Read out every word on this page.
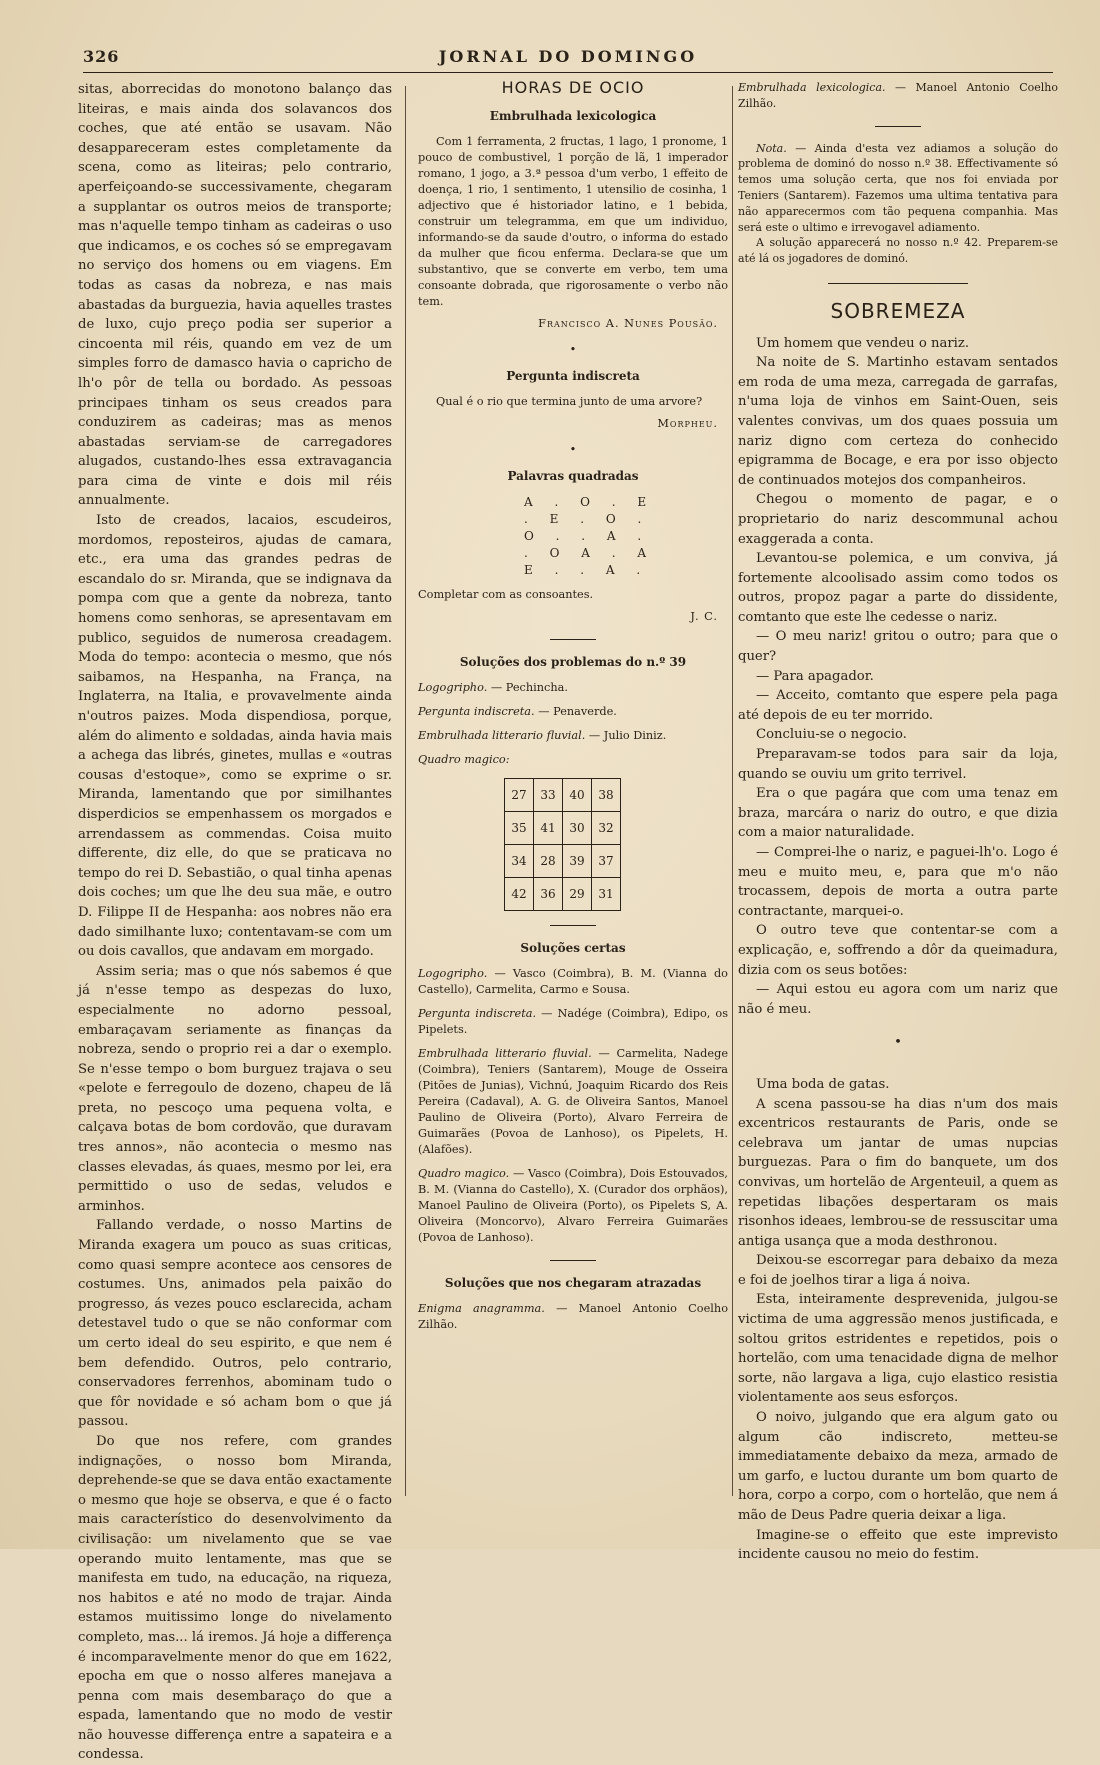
326	JORNAL DO DOMINGO

sitas, aborrecidas do monotono balanço das liteiras, e mais ainda dos solavancos dos coches, que até então se usavam. Não desappareceram estes completamente da scena, como as liteiras; pelo contrario, aperfeiçoando-se successivamente, chegaram a supplantar os outros meios de transporte; mas n'aquelle tempo tinham as cadeiras o uso que indicamos, e os coches só se empregavam no serviço dos homens ou em viagens. Em todas as casas da nobreza, e nas mais abastadas da burguezia, havia aquelles trastes de luxo, cujo preço podia ser superior a cincoenta mil réis, quando em vez de um simples forro de damasco havia o capricho de lh'o pôr de tella ou bordado. As pessoas principaes tinham os seus creados para conduzirem as cadeiras; mas as menos abastadas serviam-se de carregadores alugados, custando-lhes essa extravagancia para cima de vinte e dois mil réis annualmente.

Isto de creados, lacaios, escudeiros, mordomos, reposteiros, ajudas de camara, etc., era uma das grandes pedras de escandalo do sr. Miranda, que se indignava da pompa com que a gente da nobreza, tanto homens como senhoras, se apresentavam em publico, seguidos de numerosa creadagem. Moda do tempo: acontecia o mesmo, que nós saibamos, na Hespanha, na França, na Inglaterra, na Italia, e provavelmente ainda n'outros paizes. Moda dispendiosa, porque, além do alimento e soldadas, ainda havia mais a achega das librés, ginetes, mullas e «outras cousas d'estoque», como se exprime o sr. Miranda, lamentando que por similhantes disperdicios se empenhassem os morgados e arrendassem as commendas. Coisa muito differente, diz elle, do que se praticava no tempo do rei D. Sebastião, o qual tinha apenas dois coches; um que lhe deu sua mãe, e outro D. Filippe II de Hespanha: aos nobres não era dado similhante luxo; contentavam-se com um ou dois cavallos, que andavam em morgado.

Assim seria; mas o que nós sabemos é que já n'esse tempo as despezas do luxo, especialmente no adorno pessoal, embaraçavam seriamente as finanças da nobreza, sendo o proprio rei a dar o exemplo. Se n'esse tempo o bom burguez trajava o seu «pelote e ferregoulo de dozeno, chapeu de lã preta, no pescoço uma pequena volta, e calçava botas de bom cordovão, que duravam tres annos», não acontecia o mesmo nas classes elevadas, ás quaes, mesmo por lei, era permittido o uso de sedas, veludos e arminhos.

Fallando verdade, o nosso Martins de Miranda exagera um pouco as suas criticas, como quasi sempre acontece aos censores de costumes. Uns, animados pela paixão do progresso, ás vezes pouco esclarecida, acham detestavel tudo o que se não conformar com um certo ideal do seu espirito, e que nem é bem defendido. Outros, pelo contrario, conservadores ferrenhos, abominam tudo o que fôr novidade e só acham bom o que já passou.

Do que nos refere, com grandes indignações, o nosso bom Miranda, deprehende-se que se dava então exactamente o mesmo que hoje se observa, e que é o facto mais característico do desenvolvimento da civilisação: um nivelamento que se vae operando muito lentamente, mas que se manifesta em tudo, na educação, na riqueza, nos habitos e até no modo de trajar. Ainda estamos muitissimo longe do nivelamento completo, mas... lá iremos. Já hoje a differença é incomparavelmente menor do que em 1622, epocha em que o nosso alferes manejava a penna com mais desembaraço do que a espada, lamentando que no modo de vestir não houvesse differença entre a sapateira e a condessa.

HORAS DE OCIO
Embrulhada lexicologica

Com 1 ferramenta, 2 fructas, 1 lago, 1 pronome, 1 pouco de combustivel, 1 porção de lã, 1 imperador romano, 1 jogo, a 3.ª pessoa d'um verbo, 1 effeito de doença, 1 rio, 1 sentimento, 1 utensilio de cosinha, 1 adjectivo que é historiador latino, e 1 bebida, construir um telegramma, em que um individuo, informando-se da saude d'outro, o informa do estado da mulher que ficou enferma. Declara-se que um substantivo, que se converte em verbo, tem uma consoante dobrada, que rigorosamente o verbo não tem.

Francisco A. Nunes Pousão.
•
Pergunta indiscreta

Qual é o rio que termina junto de uma arvore?

Morpheu.
•
Palavras quadradas
A . O . E
. E . O .
O . . A .
. O A . A
E . . A .

Completar com as consoantes.

J. C.
Soluções dos problemas do n.º 39

Logogripho. — Pechincha.

Pergunta indiscreta. — Penaverde.

Embrulhada litterario fluvial. — Julio Diniz.

Quadro magico:

27	33	40	38
35	41	30	32
34	28	39	37
42	36	29	31
Soluções certas

Logogripho. — Vasco (Coimbra), B. M. (Vianna do Castello), Carmelita, Carmo e Sousa.

Pergunta indiscreta. — Nadége (Coimbra), Edipo, os Pipelets.

Embrulhada litterario fluvial. — Carmelita, Nadege (Coimbra), Teniers (Santarem), Mouge de Osseira (Pitões de Junias), Vichnú, Joaquim Ricardo dos Reis Pereira (Cadaval), A. G. de Oliveira Santos, Manoel Paulino de Oliveira (Porto), Alvaro Ferreira de Guimarães (Povoa de Lanhoso), os Pipelets, H. (Alafões).

Quadro magico. — Vasco (Coimbra), Dois Estouvados, B. M. (Vianna do Castello), X. (Curador dos orphãos), Manoel Paulino de Oliveira (Porto), os Pipelets S, A. Oliveira (Moncorvo), Alvaro Ferreira Guimarães (Povoa de Lanhoso).

Soluções que nos chegaram atrazadas

Enigma anagramma. — Manoel Antonio Coelho Zilhão.

Embrulhada lexicologica. — Manoel Antonio Coelho Zilhão.

Nota. — Ainda d'esta vez adiamos a solução do problema de dominó do nosso n.º 38. Effectivamente só temos uma solução certa, que nos foi enviada por Teniers (Santarem). Fazemos uma ultima tentativa para não apparecermos com tão pequena companhia. Mas será este o ultimo e irrevogavel adiamento.

A solução apparecerá no nosso n.º 42. Preparem-se até lá os jogadores de dominó.

SOBREMEZA

Um homem que vendeu o nariz.

Na noite de S. Martinho estavam sentados em roda de uma meza, carregada de garrafas, n'uma loja de vinhos em Saint-Ouen, seis valentes convivas, um dos quaes possuia um nariz digno com certeza do conhecido epigramma de Bocage, e era por isso objecto de continuados motejos dos companheiros.

Chegou o momento de pagar, e o proprietario do nariz descommunal achou exaggerada a conta.

Levantou-se polemica, e um conviva, já fortemente alcoolisado assim como todos os outros, propoz pagar a parte do dissidente, comtanto que este lhe cedesse o nariz.

— O meu nariz! gritou o outro; para que o quer?

— Para apagador.

— Acceito, comtanto que espere pela paga até depois de eu ter morrido.

Concluiu-se o negocio.

Preparavam-se todos para sair da loja, quando se ouviu um grito terrivel.

Era o que pagára que com uma tenaz em braza, marcára o nariz do outro, e que dizia com a maior naturalidade.

— Comprei-lhe o nariz, e paguei-lh'o. Logo é meu e muito meu, e, para que m'o não trocassem, depois de morta a outra parte contractante, marquei-o.

O outro teve que contentar-se com a explicação, e, soffrendo a dôr da queimadura, dizia com os seus botões:

— Aqui estou eu agora com um nariz que não é meu.

•

Uma boda de gatas.

A scena passou-se ha dias n'um dos mais excentricos restaurants de Paris, onde se celebrava um jantar de umas nupcias burguezas. Para o fim do banquete, um dos convivas, um hortelão de Argenteuil, a quem as repetidas libações despertaram os mais risonhos ideaes, lembrou-se de ressuscitar uma antiga usança que a moda desthronou.

Deixou-se escorregar para debaixo da meza e foi de joelhos tirar a liga á noiva.

Esta, inteiramente desprevenida, julgou-se victima de uma aggressão menos justificada, e soltou gritos estridentes e repetidos, pois o hortelão, com uma tenacidade digna de melhor sorte, não largava a liga, cujo elastico resistia violentamente aos seus esforços.

O noivo, julgando que era algum gato ou algum cão indiscreto, metteu-se immediatamente debaixo da meza, armado de um garfo, e luctou durante um bom quarto de hora, corpo a corpo, com o hortelão, que nem á mão de Deus Padre queria deixar a liga.

Imagine-se o effeito que este imprevisto incidente causou no meio do festim.
